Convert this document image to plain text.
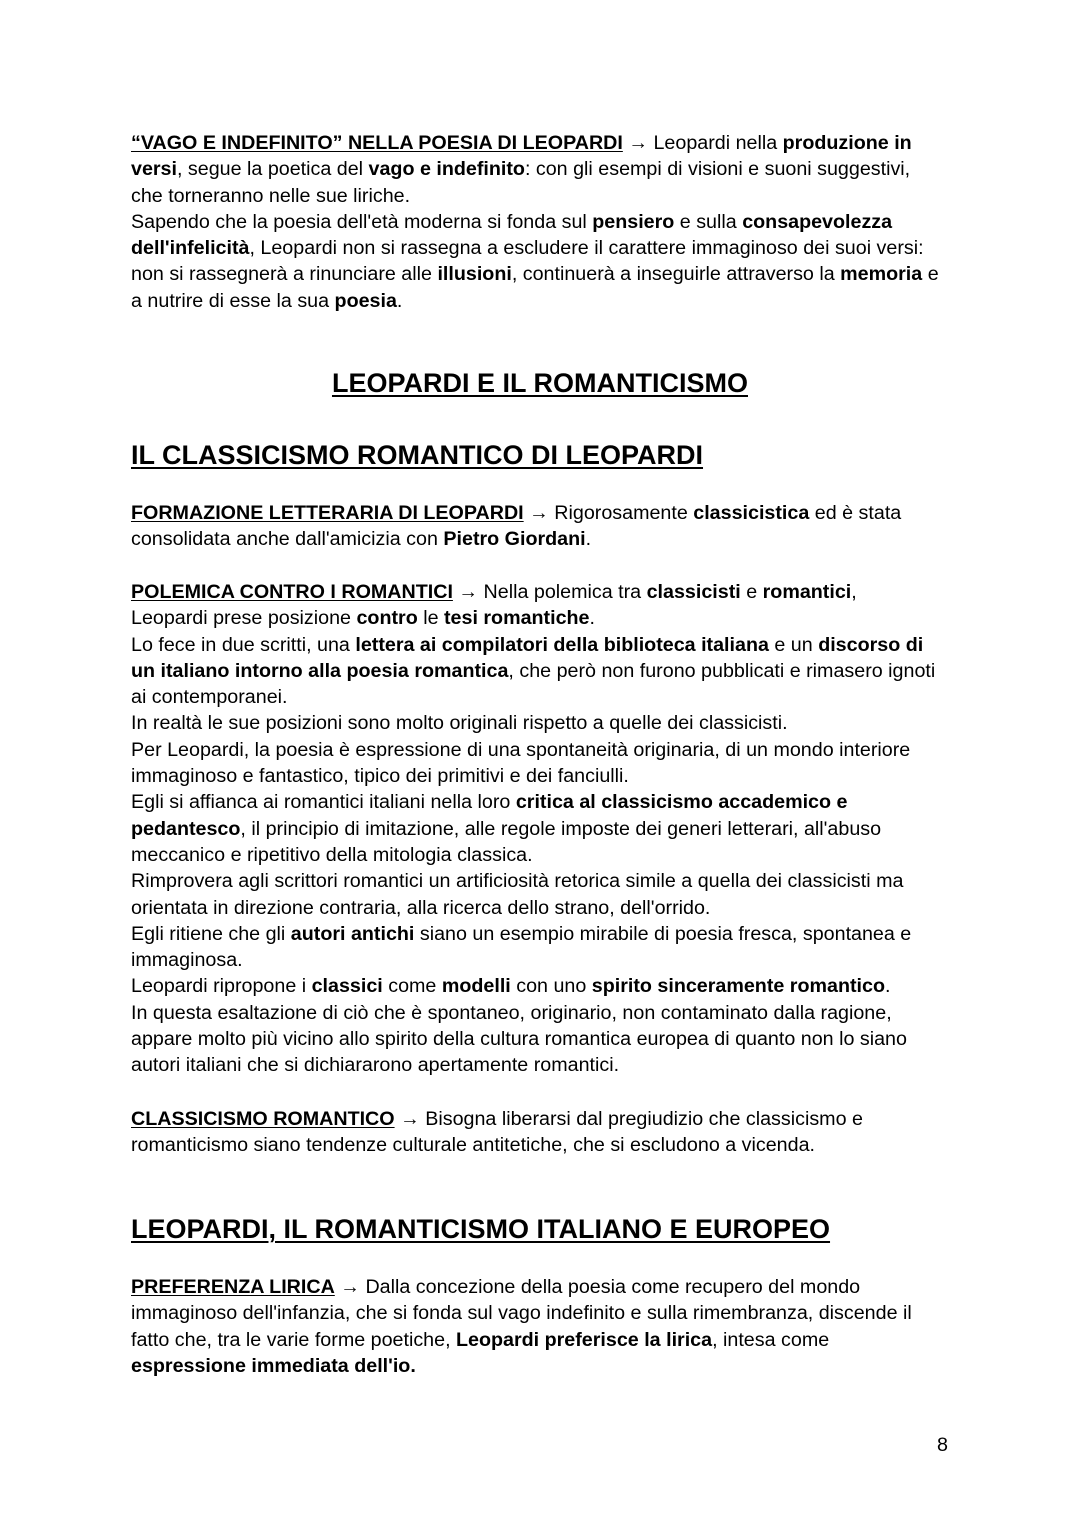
“VAGO E INDEFINITO” NELLA POESIA DI LEOPARDI → Leopardi nella produzione in
versi, segue la poetica del vago e indefinito: con gli esempi di visioni e suoni suggestivi,
che torneranno nelle sue liriche.
Sapendo che la poesia dell'età moderna si fonda sul pensiero e sulla consapevolezza
dell'infelicità, Leopardi non si rassegna a escludere il carattere immaginoso dei suoi versi:
non si rassegnerà a rinunciare alle illusioni, continuerà a inseguirle attraverso la memoria e
a nutrire di esse la sua poesia.
LEOPARDI E IL ROMANTICISMO
IL CLASSICISMO ROMANTICO DI LEOPARDI
FORMAZIONE LETTERARIA DI LEOPARDI → Rigorosamente classicistica ed è stata
consolidata anche dall'amicizia con Pietro Giordani.
POLEMICA CONTRO I ROMANTICI → Nella polemica tra classicisti e romantici,
Leopardi prese posizione contro le tesi romantiche.
Lo fece in due scritti, una lettera ai compilatori della biblioteca italiana e un discorso di
un italiano intorno alla poesia romantica, che però non furono pubblicati e rimasero ignoti
ai contemporanei.
In realtà le sue posizioni sono molto originali rispetto a quelle dei classicisti.
Per Leopardi, la poesia è espressione di una spontaneità originaria, di un mondo interiore
immaginoso e fantastico, tipico dei primitivi e dei fanciulli.
Egli si affianca ai romantici italiani nella loro critica al classicismo accademico e
pedantesco, il principio di imitazione, alle regole imposte dei generi letterari, all'abuso
meccanico e ripetitivo della mitologia classica.
Rimprovera agli scrittori romantici un artificiosità retorica simile a quella dei classicisti ma
orientata in direzione contraria, alla ricerca dello strano, dell'orrido.
Egli ritiene che gli autori antichi siano un esempio mirabile di poesia fresca, spontanea e
immaginosa.
Leopardi ripropone i classici come modelli con uno spirito sinceramente romantico.
In questa esaltazione di ciò che è spontaneo, originario, non contaminato dalla ragione,
appare molto più vicino allo spirito della cultura romantica europea di quanto non lo siano
autori italiani che si dichiararono apertamente romantici.
CLASSICISMO ROMANTICO → Bisogna liberarsi dal pregiudizio che classicismo e
romanticismo siano tendenze culturale antitetiche, che si escludono a vicenda.
LEOPARDI, IL ROMANTICISMO ITALIANO E EUROPEO
PREFERENZA LIRICA → Dalla concezione della poesia come recupero del mondo
immaginoso dell'infanzia, che si fonda sul vago indefinito e sulla rimembranza, discende il
fatto che, tra le varie forme poetiche, Leopardi preferisce la lirica, intesa come
espressione immediata dell'io.
8
